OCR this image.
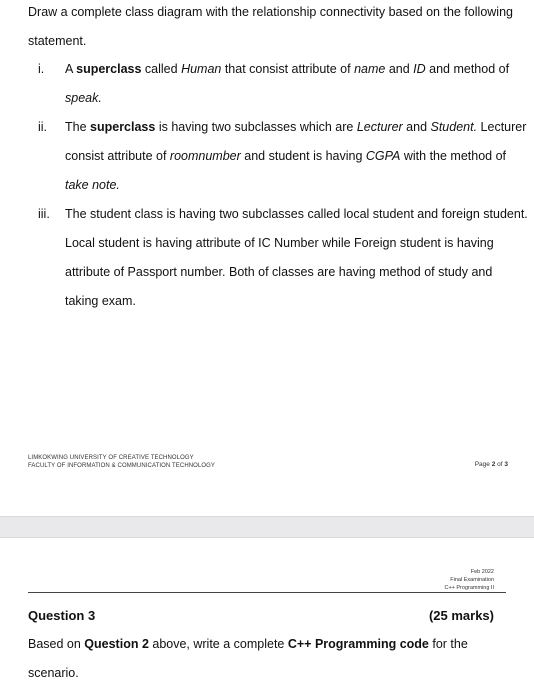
Draw a complete class diagram with the relationship connectivity based on the following
statement.
i. A superclass called Human that consist attribute of name and ID and method of
speak.
ii. The superclass is having two subclasses which are Lecturer and Student. Lecturer
consist attribute of roomnumber and student is having CGPA with the method of
take note.
iii. The student class is having two subclasses called local student and foreign student.
Local student is having attribute of IC Number while Foreign student is having
attribute of Passport number. Both of classes are having method of study and
taking exam.
LIMKOKWING UNIVERSITY OF CREATIVE TECHNOLOGY
FACULTY OF INFORMATION & COMMUNICATION TECHNOLOGY	Page 2 of 3
Feb 2022
Final Examination
C++ Programming II
Question 3	(25 marks)
Based on Question 2 above, write a complete C++ Programming code for the
scenario.
